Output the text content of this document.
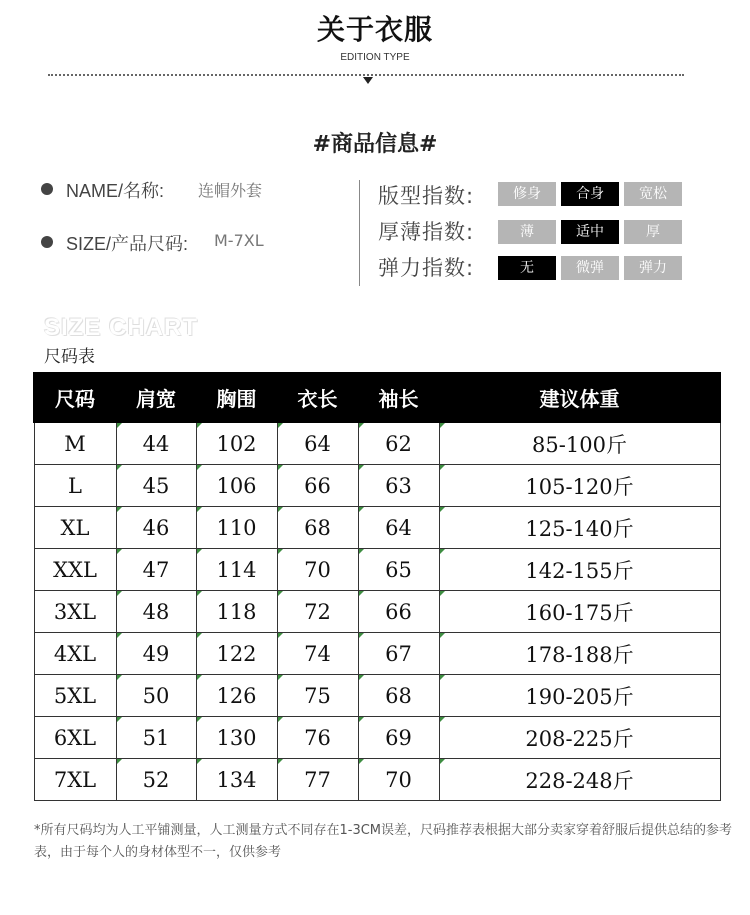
关于衣服
EDITION TYPE
#商品信息#
NAME/名称: 连帽外套
SIZE/产品尺码: M-7XL
版型指数:	修身	合身	宽松
厚薄指数:	薄	适中	厚
弹力指数:	无	微弹	弹力
SIZE CHART
尺码表
尺码	肩宽	胸围	衣长	袖长	建议体重
M	44	102	64	62	85-100斤
L	45	106	66	63	105-120斤
XL	46	110	68	64	125-140斤
XXL	47	114	70	65	142-155斤
3XL	48	118	72	66	160-175斤
4XL	49	122	74	67	178-188斤
5XL	50	126	75	68	190-205斤
6XL	51	130	76	69	208-225斤
7XL	52	134	77	70	228-248斤
*所有尺码均为人工平铺测量，人工测量方式不同存在1-3CM误差，尺码推荐表根据大部分卖家穿着舒服后提供总结的参考表，由于每个人的身材体型不一，仅供参考
